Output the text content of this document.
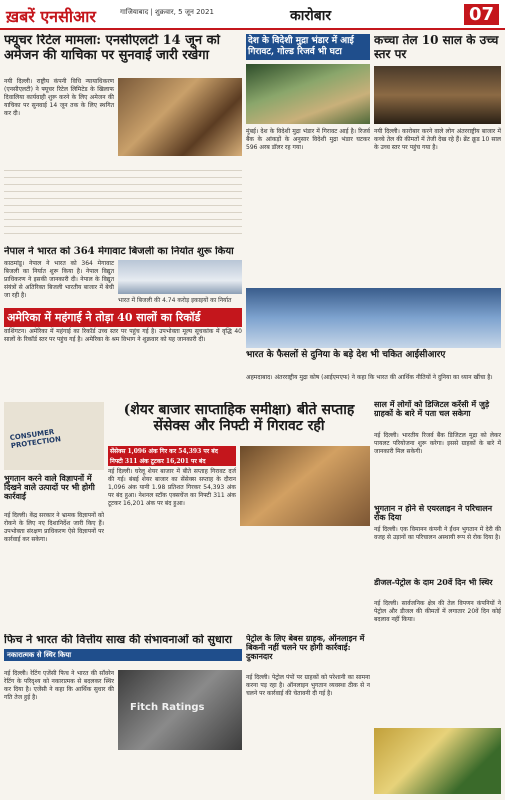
ख़बरें एनसीआर	गाजियाबाद | शुक्रवार, 5 जून 2021	कारोबार	07
फ्यूचर रिटेल मामला: एनसीएलटी 14 जून को अमेजन की याचिका पर सुनवाई जारी रखेगा
नयी दिल्ली। राष्ट्रीय कंपनी विधि न्यायाधिकरण (एनसीएलटी) ने फ्यूचर रिटेल लिमिटेड के खिलाफ दिवालिया कार्यवाही शुरू करने के लिए अमेजन की याचिका पर सुनवाई 14 जून तक के लिए स्थगित कर दी।
देश के विदेशी मुद्रा भंडार में आई गिरावट, गोल्ड रिजर्व भी घटा
मुंबई। देश के विदेशी मुद्रा भंडार में गिरावट आई है। रिजर्व बैंक के आंकड़ों के अनुसार विदेशी मुद्रा भंडार घटकर 596 अरब डॉलर रह गया।
कच्चा तेल 10 साल के उच्च स्तर पर
नयी दिल्ली। कारोबार करने वाले लोग अंतरराष्ट्रीय बाजार में कच्चे तेल की कीमतों में तेजी देख रहे हैं। ब्रेंट क्रूड 10 साल के उच्च स्तर पर पहुंच गया है।
नेपाल ने भारत को 364 मेगावाट बिजली का निर्यात शुरू किया
काठमांडू। नेपाल ने भारत को 364 मेगावाट बिजली का निर्यात शुरू किया है। नेपाल विद्युत प्राधिकरण ने इसकी जानकारी दी। नेपाल के विद्युत संयंत्रों से अतिरिक्त बिजली भारतीय बाजार में बेची जा रही है।
भारत में बिजली की 4.74 करोड़ इकाइयों का निर्यात
अमेरिका में महंगाई ने तोड़ा 40 सालों का रिकॉर्ड
वाशिंगटन। अमेरिका में महंगाई का रिकॉर्ड उच्च स्तर पर पहुंच गई है। उपभोक्ता मूल्य सूचकांक में वृद्धि 40 सालों के रिकॉर्ड स्तर पर पहुंच गई है। अमेरिका के श्रम विभाग ने शुक्रवार को यह जानकारी दी।
भारत के फैसलों से दुनिया के बड़े देश भी चकित आईसीआरए
अहमदाबाद। अंतरराष्ट्रीय मुद्रा कोष (आईएमएफ) ने कहा कि भारत की आर्थिक नीतियों ने दुनिया का ध्यान खींचा है।
साल में लोगों को डिजिटल करेंसी में जुड़े ग्राहकों के बारे में पता चल सकेगा
नई दिल्ली। भारतीय रिजर्व बैंक डिजिटल मुद्रा को लेकर पायलट परियोजना शुरू करेगा। इससे ग्राहकों के बारे में जानकारी मिल सकेगी।
(शेयर बाजार साप्ताहिक समीक्षा) बीते सप्ताह सेंसेक्स और निफ्टी में गिरावट रही
सेंसेक्स 1,096 अंक गिर कर 54,393 पर बंद
निफ्टी 311 अंक टूटकर 16,201 पर बंद
नई दिल्ली। घरेलू शेयर बाजार में बीते सप्ताह गिरावट दर्ज की गई। बंबई शेयर बाजार का सेंसेक्स सप्ताह के दौरान 1,096 अंक यानी 1.98 प्रतिशत गिरकर 54,393 अंक पर बंद हुआ। नेशनल स्टॉक एक्सचेंज का निफ्टी 311 अंक टूटकर 16,201 अंक पर बंद हुआ।
CONSUMER PROTECTION
भुगतान करने वाले विज्ञापनों में दिखने वाले उत्पादों पर भी होगी कार्रवाई
नई दिल्ली। केंद्र सरकार ने भ्रामक विज्ञापनों को रोकने के लिए नए दिशानिर्देश जारी किए हैं। उपभोक्ता संरक्षण प्राधिकरण ऐसे विज्ञापनों पर कार्रवाई कर सकेगा।
भुगतान न होने से एयरलाइन ने परिचालन रोक दिया
नई दिल्ली। एक विमानन कंपनी ने ईंधन भुगतान में देरी की वजह से उड़ानों का परिचालन अस्थायी रूप से रोक दिया है।
डीजल-पेट्रोल के दाम 20वें दिन भी स्थिर
नई दिल्ली। सार्वजनिक क्षेत्र की तेल विपणन कंपनियों ने पेट्रोल और डीजल की कीमतों में लगातार 20वें दिन कोई बदलाव नहीं किया।
फिच ने भारत की वित्तीय साख की संभावनाओं को सुधारा
नकारात्मक से स्थिर किया
नई दिल्ली। रेटिंग एजेंसी फिच ने भारत की सॉवरेन रेटिंग के परिदृश्य को नकारात्मक से बदलकर स्थिर कर दिया है। एजेंसी ने कहा कि आर्थिक सुधार की गति तेज हुई है।
Fitch Ratings
पेट्रोल के लिए बेबस ग्राहक, ऑनलाइन में बिकनी नहीं चलने पर होगी कार्रवाई: दुकानदार
नई दिल्ली। पेट्रोल पंपों पर ग्राहकों को परेशानी का सामना करना पड़ रहा है। ऑनलाइन भुगतान व्यवस्था ठीक से न चलने पर कार्रवाई की चेतावनी दी गई है।
